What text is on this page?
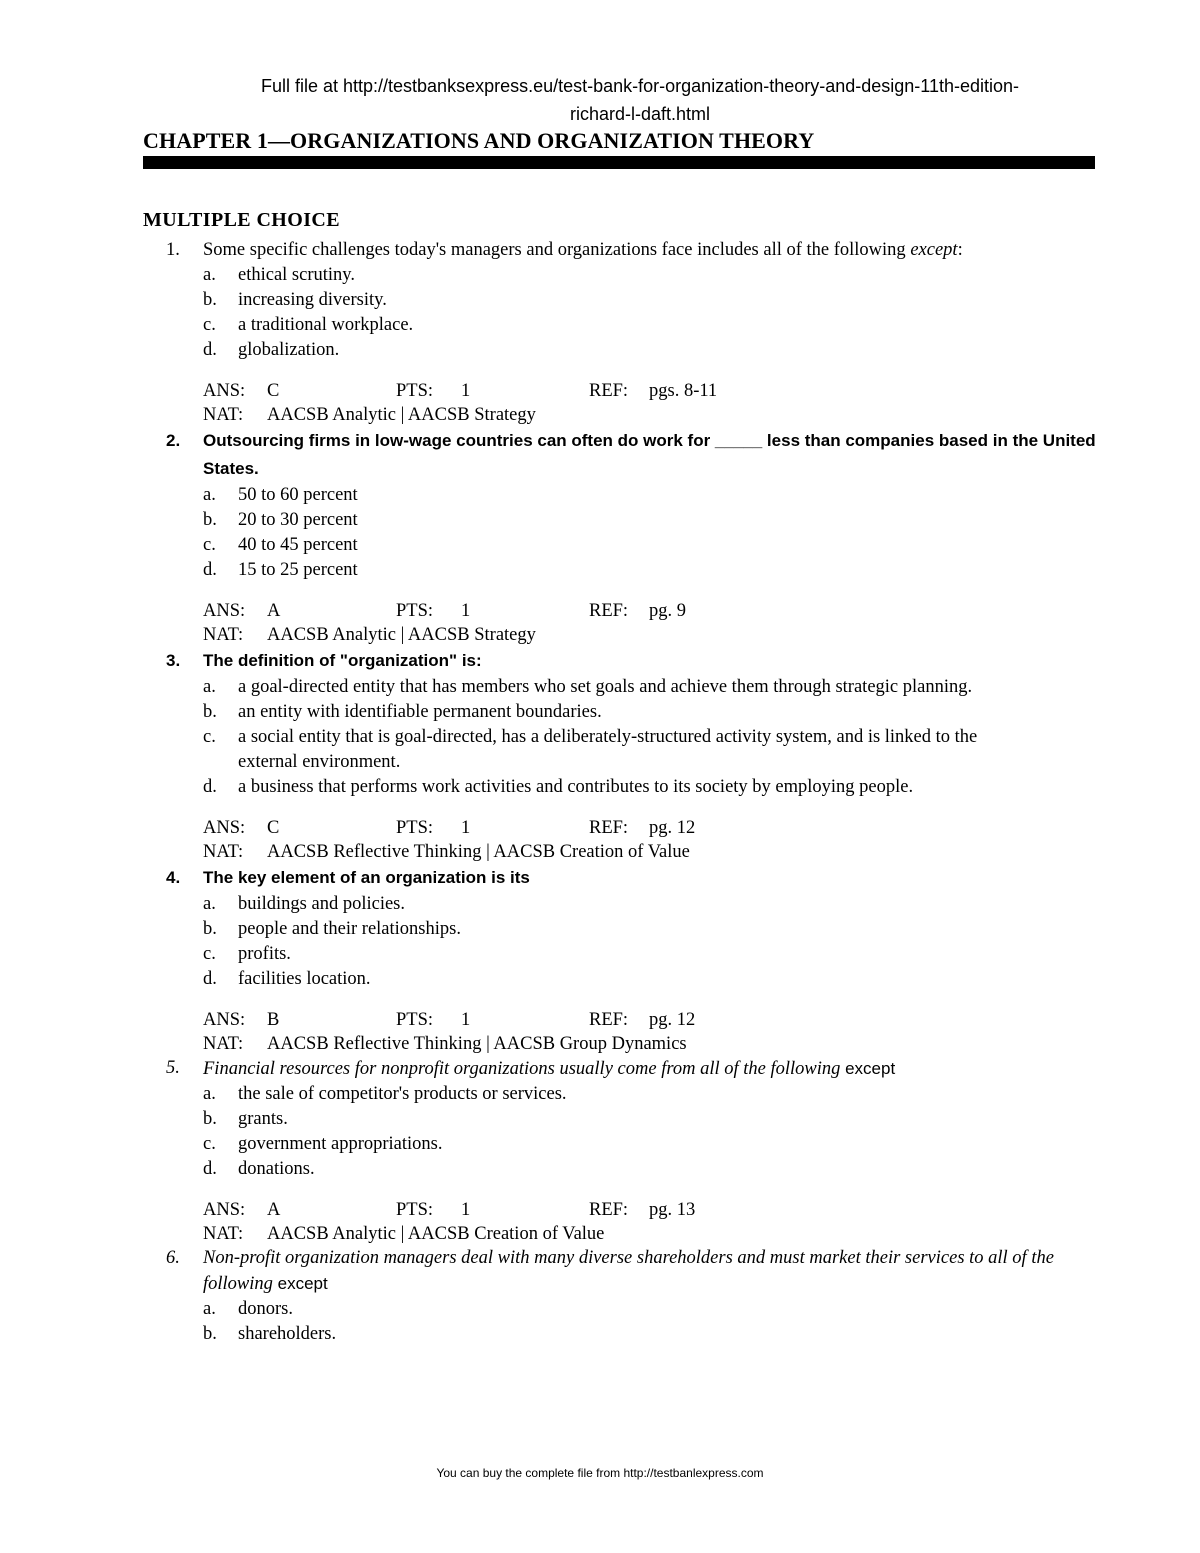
Full file at http://testbanksexpress.eu/test-bank-for-organization-theory-and-design-11th-edition-
richard-l-daft.html
CHAPTER 1—ORGANIZATIONS AND ORGANIZATION THEORY
MULTIPLE CHOICE
1.	Some specific challenges today's managers and organizations face includes all of the following except:
a. ethical scrutiny.
b. increasing diversity.
c. a traditional workplace.
d. globalization.
ANS: C	PTS: 1	REF: pgs. 8-11
NAT: AACSB Analytic | AACSB Strategy
2.	Outsourcing firms in low-wage countries can often do work for _____ less than companies based in the United States.
a. 50 to 60 percent
b. 20 to 30 percent
c. 40 to 45 percent
d. 15 to 25 percent
ANS: A	PTS: 1	REF: pg. 9
NAT: AACSB Analytic | AACSB Strategy
3.	The definition of "organization" is:
a. a goal-directed entity that has members who set goals and achieve them through strategic planning.
b. an entity with identifiable permanent boundaries.
c. a social entity that is goal-directed, has a deliberately-structured activity system, and is linked to the external environment.
d. a business that performs work activities and contributes to its society by employing people.
ANS: C	PTS: 1	REF: pg. 12
NAT: AACSB Reflective Thinking | AACSB Creation of Value
4.	The key element of an organization is its
a. buildings and policies.
b. people and their relationships.
c. profits.
d. facilities location.
ANS: B	PTS: 1	REF: pg. 12
NAT: AACSB Reflective Thinking | AACSB Group Dynamics
5.	Financial resources for nonprofit organizations usually come from all of the following except
a. the sale of competitor's products or services.
b. grants.
c. government appropriations.
d. donations.
ANS: A	PTS: 1	REF: pg. 13
NAT: AACSB Analytic | AACSB Creation of Value
6.	Non-profit organization managers deal with many diverse shareholders and must market their services to all of the following except
a. donors.
b. shareholders.
You can buy the complete file from http://testbanlexpress.com
